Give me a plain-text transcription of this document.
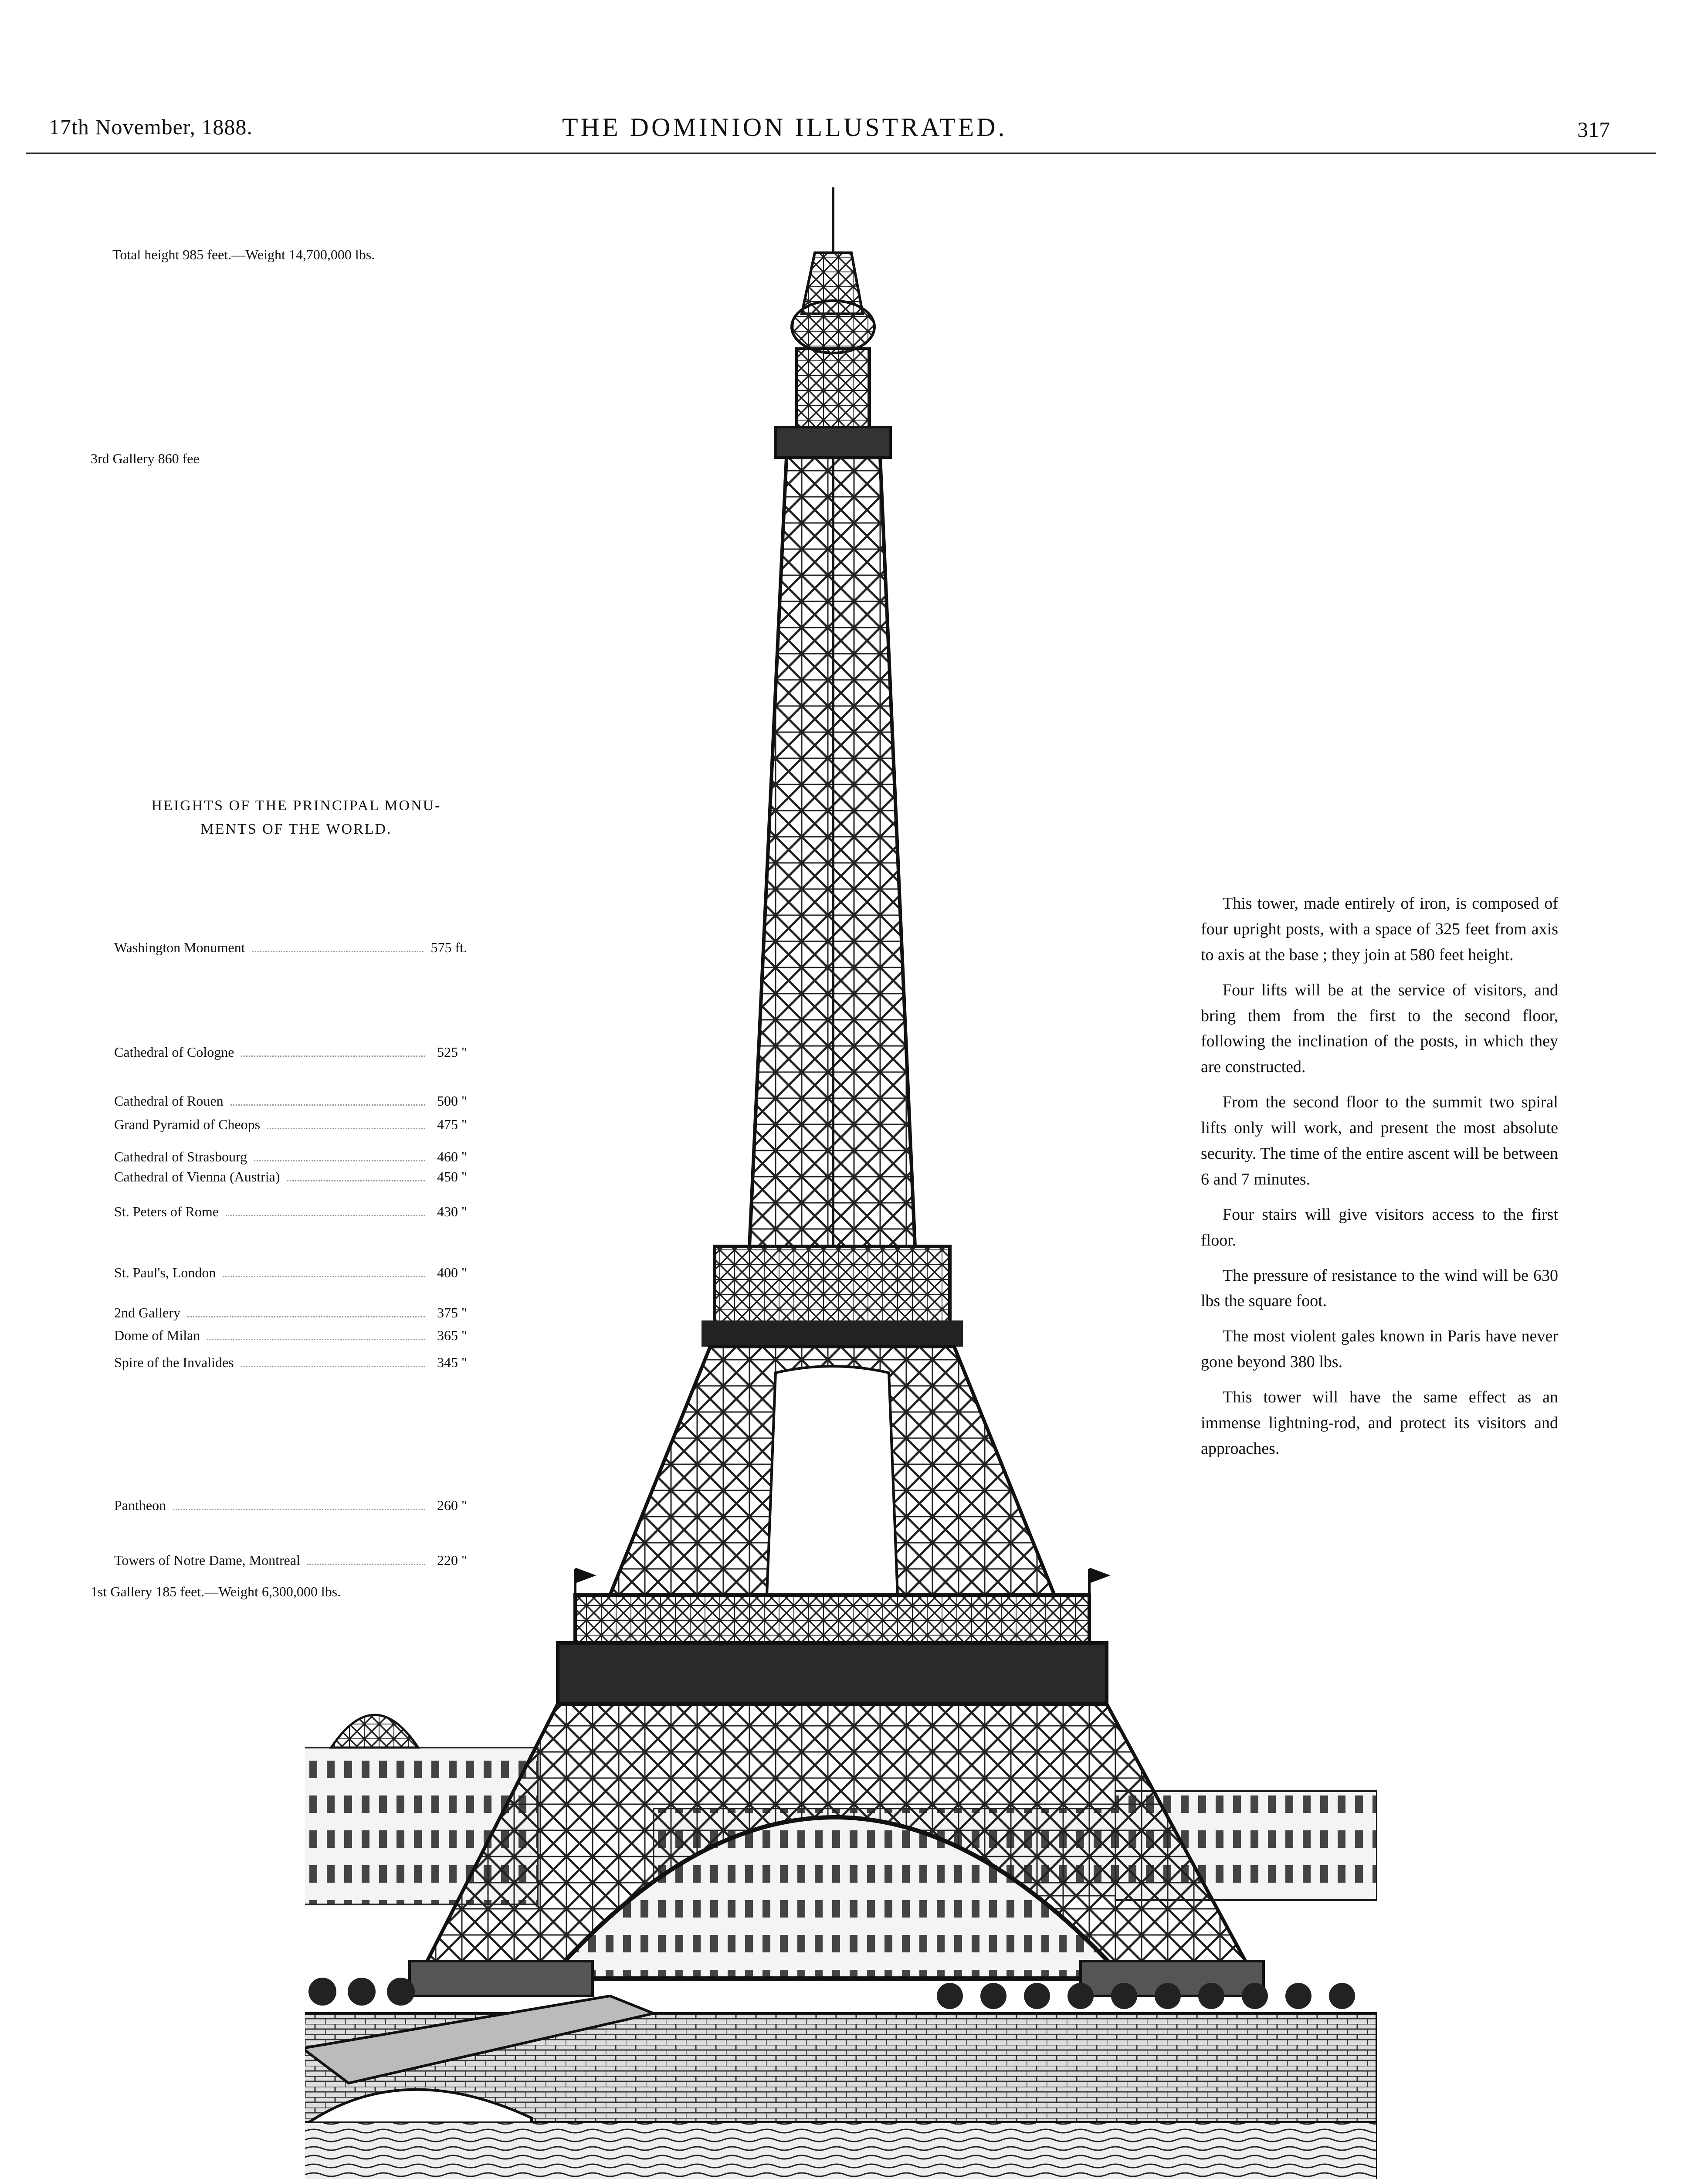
17th November, 1888.	THE DOMINION ILLUSTRATED.	317
Total height 985 feet.—Weight 14,700,000 lbs.
3rd Gallery 860 fee
HEIGHTS OF THE PRINCIPAL MONU-
MENTS OF THE WORLD.
Washington Monument	575 ft.
Cathedral of Cologne	525 "
Cathedral of Rouen	500 "
Grand Pyramid of Cheops	475 "
Cathedral of Strasbourg	460 "
Cathedral of Vienna (Austria)	450 "
St. Peters of Rome	430 "
St. Paul's, London	400 "
2nd Gallery	375 "
Dome of Milan	365 "
Spire of the Invalides	345 "
Pantheon	260 "
Towers of Notre Dame, Montreal	220 "
1st Gallery 185 feet.—Weight 6,300,000 lbs.

This tower, made entirely of iron, is composed of four upright posts, with a space of 325 feet from axis to axis at the base ; they join at 580 feet height.

Four lifts will be at the service of visitors, and bring them from the first to the second floor, following the inclination of the posts, in which they are constructed.

From the second floor to the summit two spiral lifts only will work, and present the most absolute security. The time of the entire ascent will be between 6 and 7 minutes.

Four stairs will give visitors access to the first floor.

The pressure of resistance to the wind will be 630 lbs the square foot.

The most violent gales known in Paris have never gone beyond 380 lbs.

This tower will have the same effect as an immense lightning-rod, and protect its visitors and approaches.
